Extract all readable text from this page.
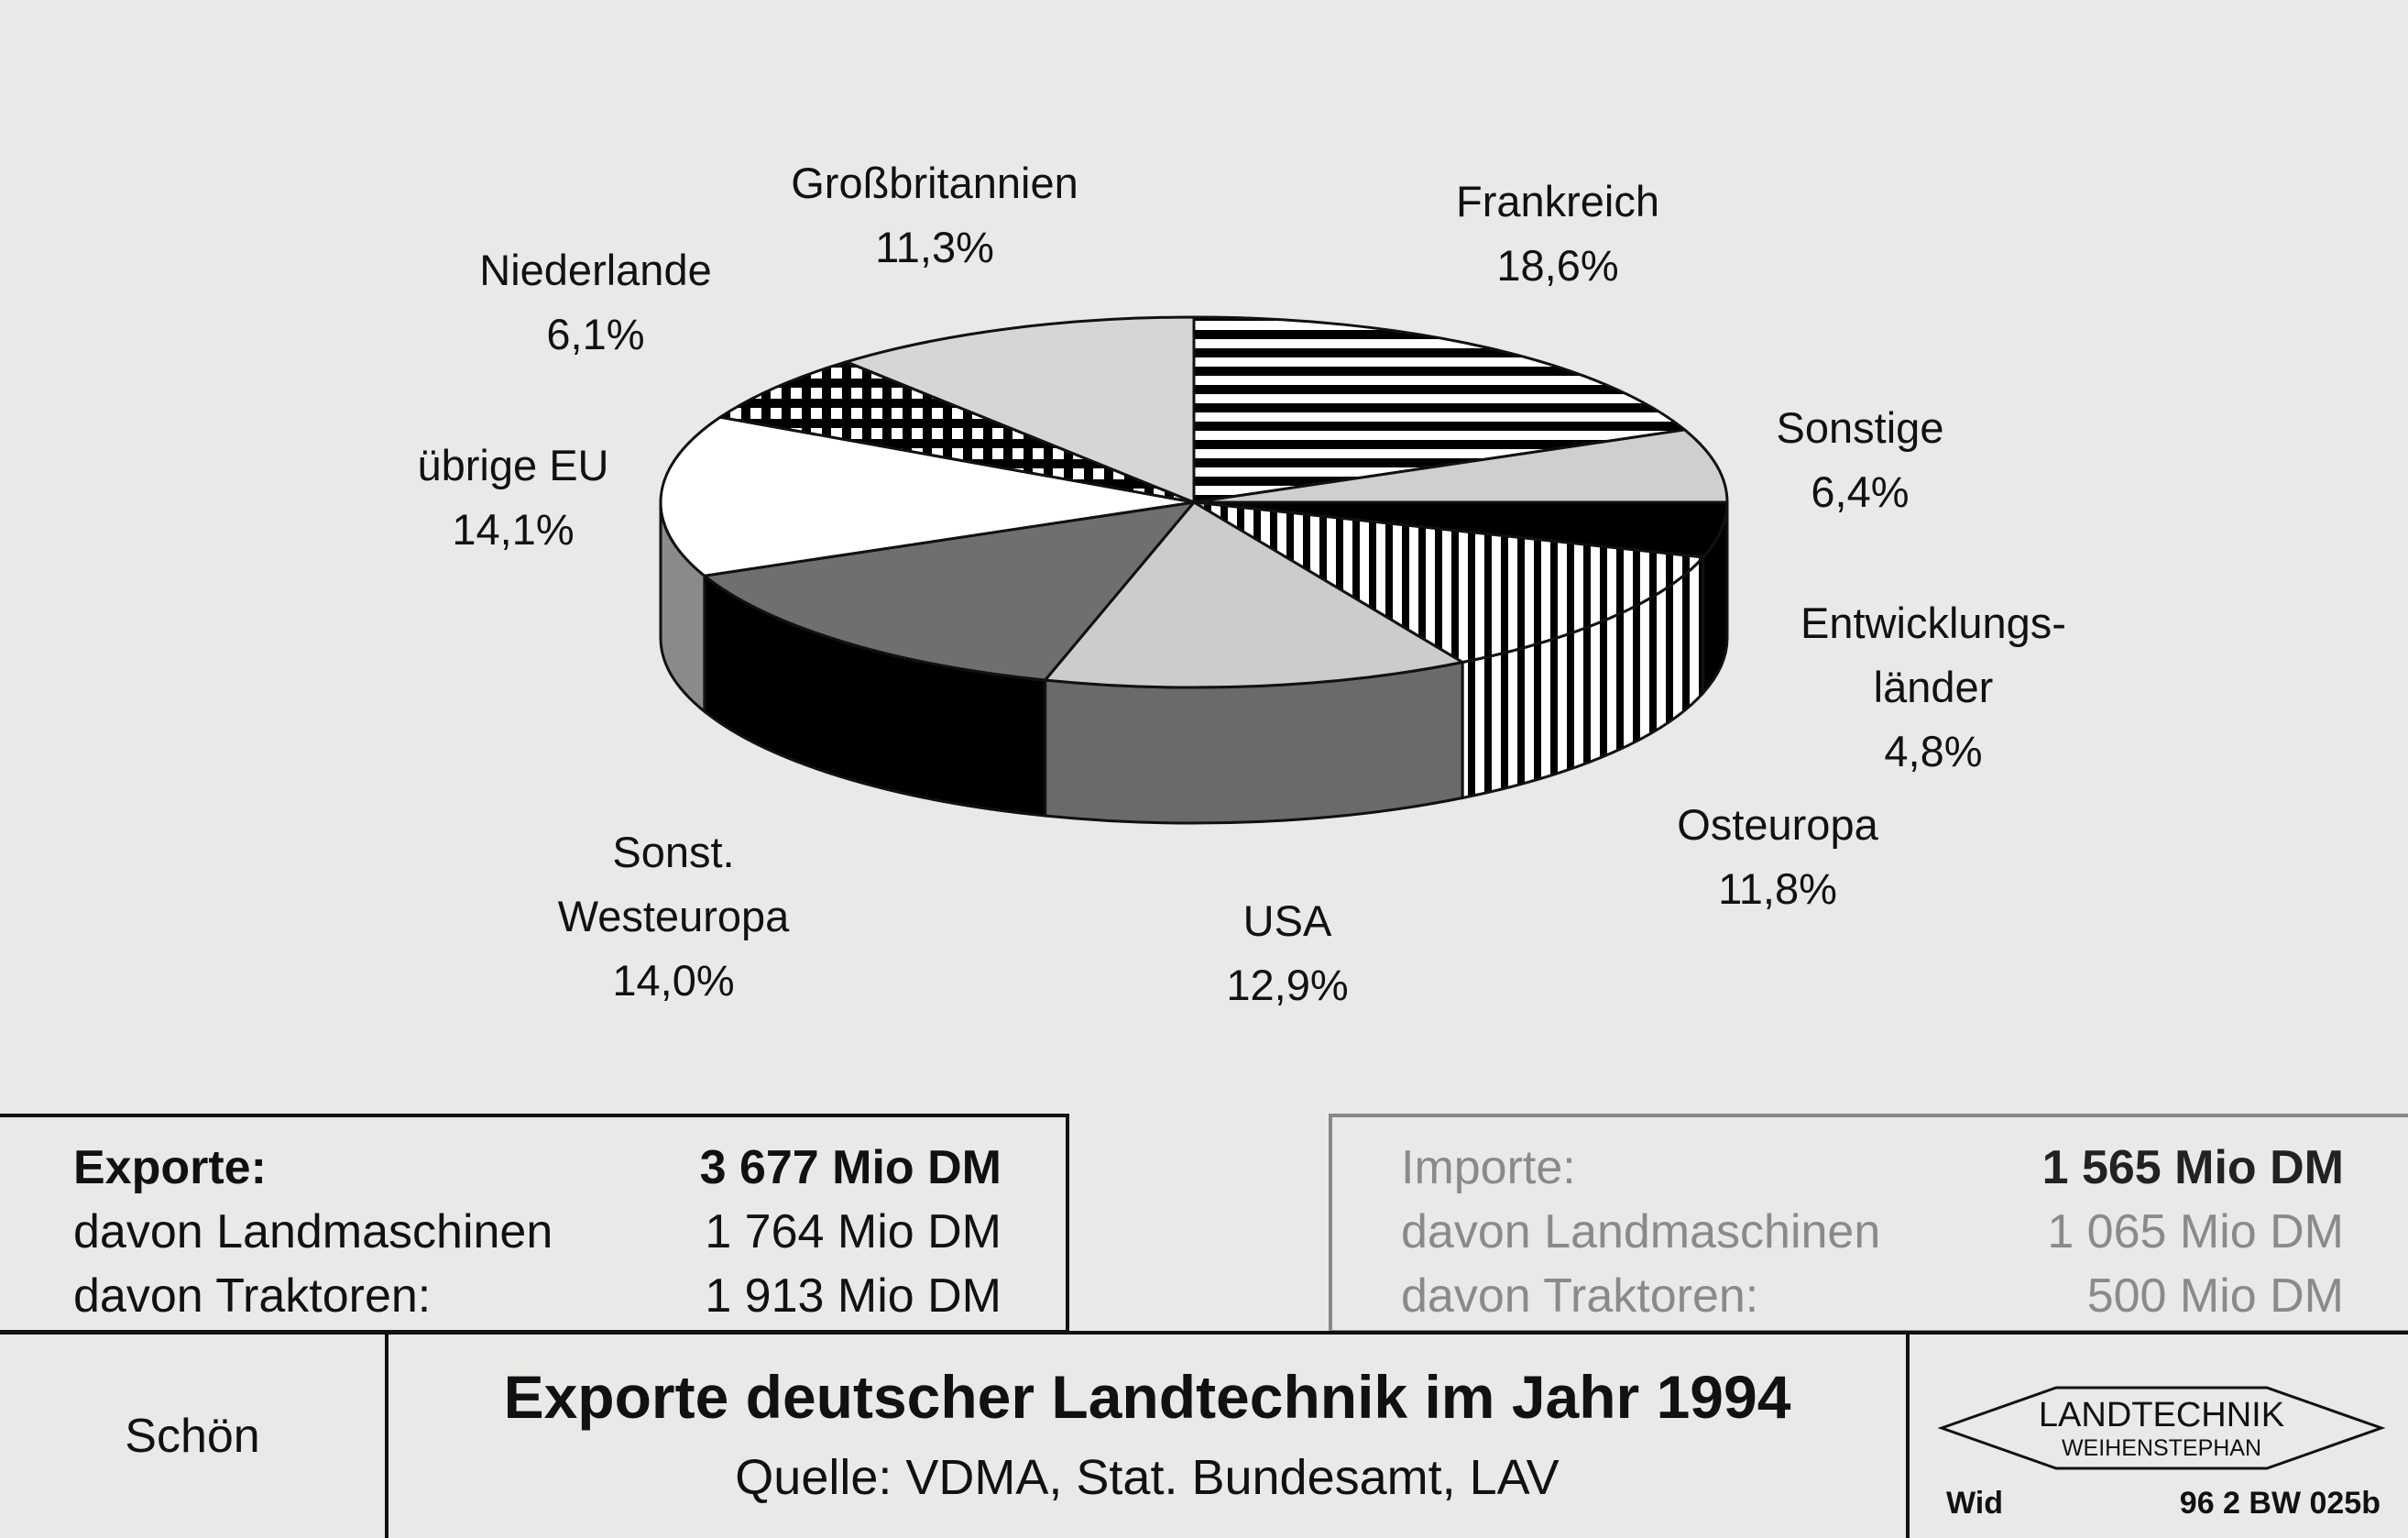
Frankreich
18,6%
Sonstige
6,4%
Entwicklungs-
länder
4,8%
Osteuropa
11,8%
USA
12,9%
Sonst.
Westeuropa
14,0%
übrige EU
14,1%
Niederlande
6,1%
Großbritannien
11,3%
Exporte:	3 677 Mio DM
davon Landmaschinen	1 764 Mio DM
davon Traktoren:	1 913 Mio DM
Importe:	1 565 Mio DM
davon Landmaschinen	1 065 Mio DM
davon Traktoren:	500 Mio DM
Schön
Exporte deutscher Landtechnik im Jahr 1994
Quelle: VDMA, Stat. Bundesamt, LAV
LANDTECHNIK
WEIHENSTEPHAN
Wid	96 2 BW 025b
